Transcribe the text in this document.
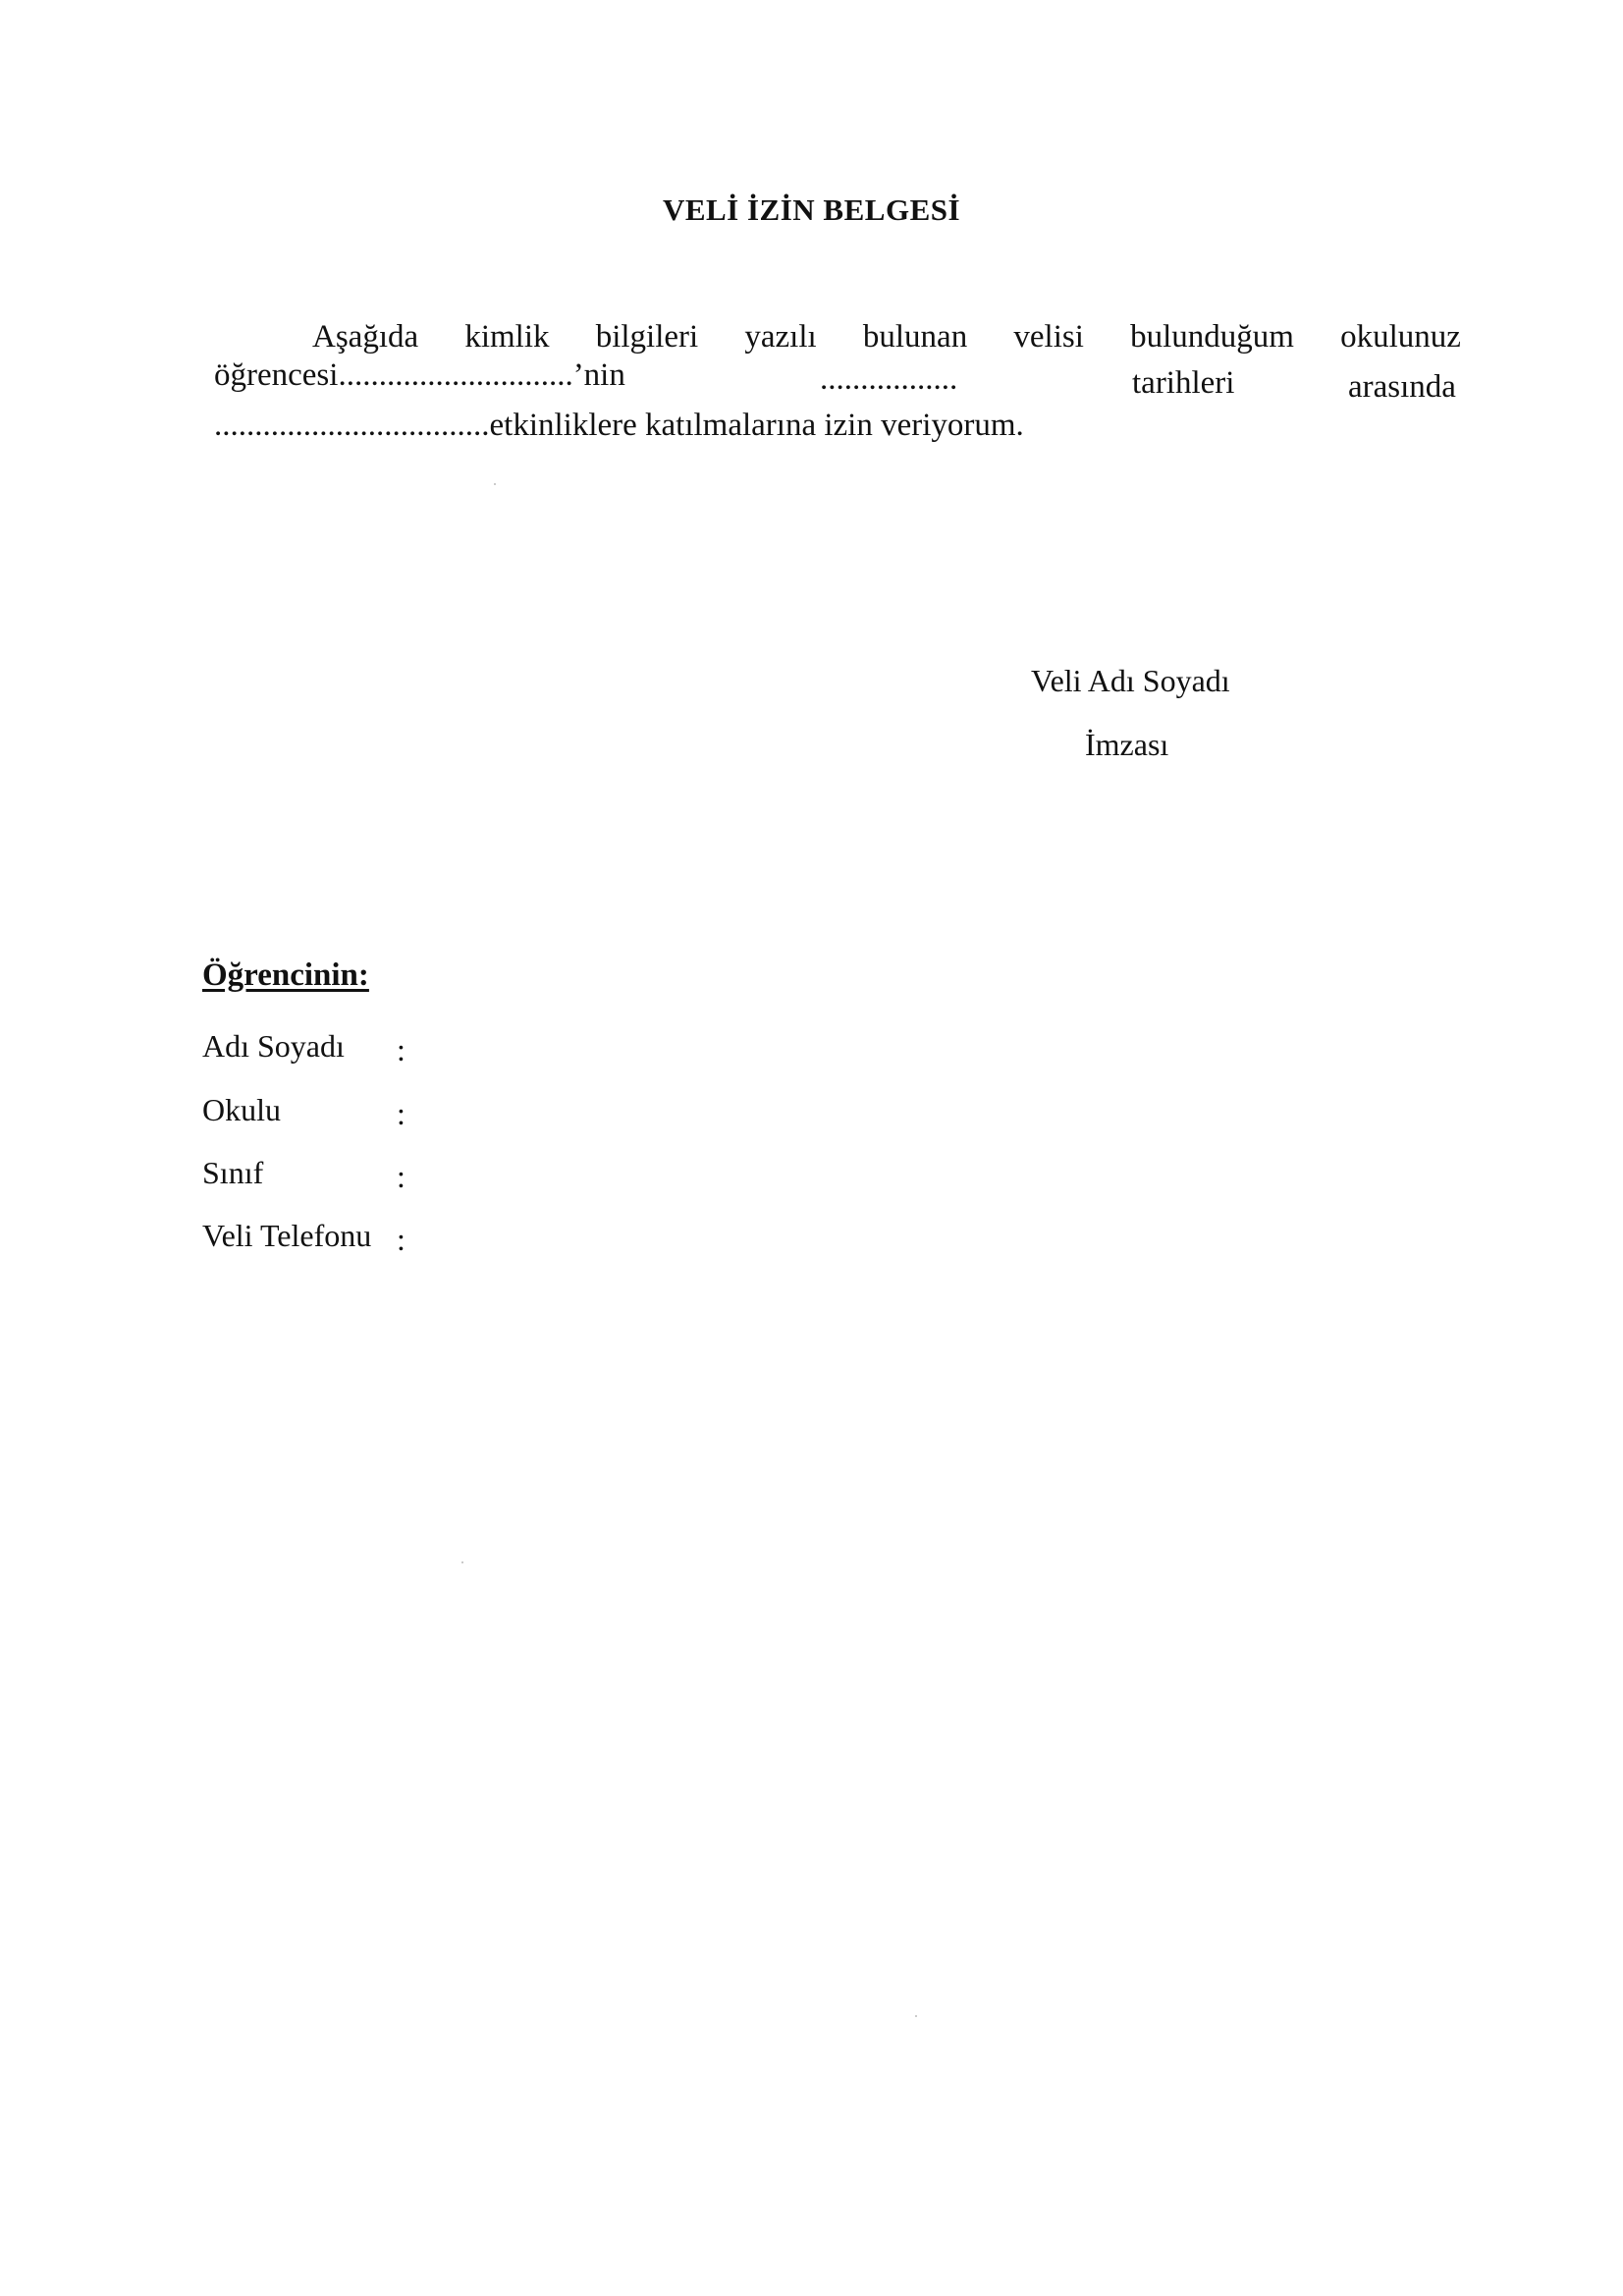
VELİ İZİN BELGESİ
Aşağıda kimlik bilgileri yazılı bulunan velisi bulunduğum okulunuz
öğrencesi.............................’nin	.................	tarihleri	arasında
..................................etkinliklere katılmalarına izin veriyorum.
Veli Adı Soyadı
İmzası
Öğrencinin:
Adı Soyadı :
Okulu	:
Sınıf	:
Veli Telefonu :
